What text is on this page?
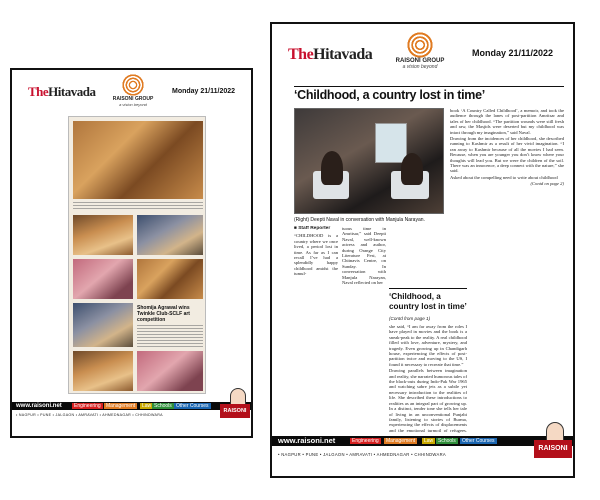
TheHitavada	RAISONI GROUP
a vision beyond
Monday 21/11/2022
Shomija Agrawal wins Twinkle Club-SCLF art competition
www.raisoni.net	Engineering	Management	Law Schools Other Courses
• NAGPUR • PUNE • JALGAON • AMRAVATI • AHMEDNAGAR • CHHINDWARA
RAISONI
TheHitavada	RAISONI GROUP
a vision beyond
Monday 21/11/2022
‘Childhood, a country lost in time’
(Right) Deepti Naval in conversation with Manjula Narayan.
■ Staff Reporter

“CHILDHOOD is a country where we once lived, a period lost in time. As far as I can recall I’ve had a splendidly happy childhood amidst the tumul-

tuous time in Amritsar,” said Deepti Naval, well-known actress and author, during Orange City Literature Fest, at Chitnavis Centre, on Sunday. In conversation with Manjula Narayan, Naval reflected on her

book ‘A Country Called Childhood’, a memoir, and took the audience through the lanes of post-partition Amritsar and tales of her childhood. “The partition wounds were still fresh and raw, the Masjids were deserted but my childhood was intact through my imagination,” said Naval.

Drawing from the incidences of her childhood, she described running to Kashmir as a result of her vivid imagination. “I ran away to Kashmir because of all the movies I had seen. Because, when you are younger you don’t know where your thoughts will lead you. But we were the children of the soil. There was an innocence, a deep connect with the nature,” she said.

Asked about the compelling need to write about childhood

(Contd on page 2)
‘Childhood, a country lost in time’
(Contd from page 1)

she said, “I am far away from the roles I have played in movies and the book is a sneak-peak to the reality. A real childhood filled with love, adventure, mystery, and tragedy. Even growing up in Chandigarh house, experiencing the effects of post-partition twice and moving to the US, I found it necessary to recreate that time.”

Drawing parallels between imagination and reality, she narrated humorous tales of the black-outs during Indo-Pak War 1965 and watching sabre jets as a subtle yet necessary introduction to the realities of life. She described these introductions to realities as an integral part of growing up. In a distinct, tender tone she tells her tale of living in an unconventional Punjabi family, listening to stories of Burma, experiencing the effects of displacements and the emotional turmoil of refugees.

www.raisoni.net	Engineering	Management	Law Schools	Other Courses
• NAGPUR • PUNE • JALGAON • AMRAVATI • AHMEDNAGAR • CHHINDWARA
RAISONI
